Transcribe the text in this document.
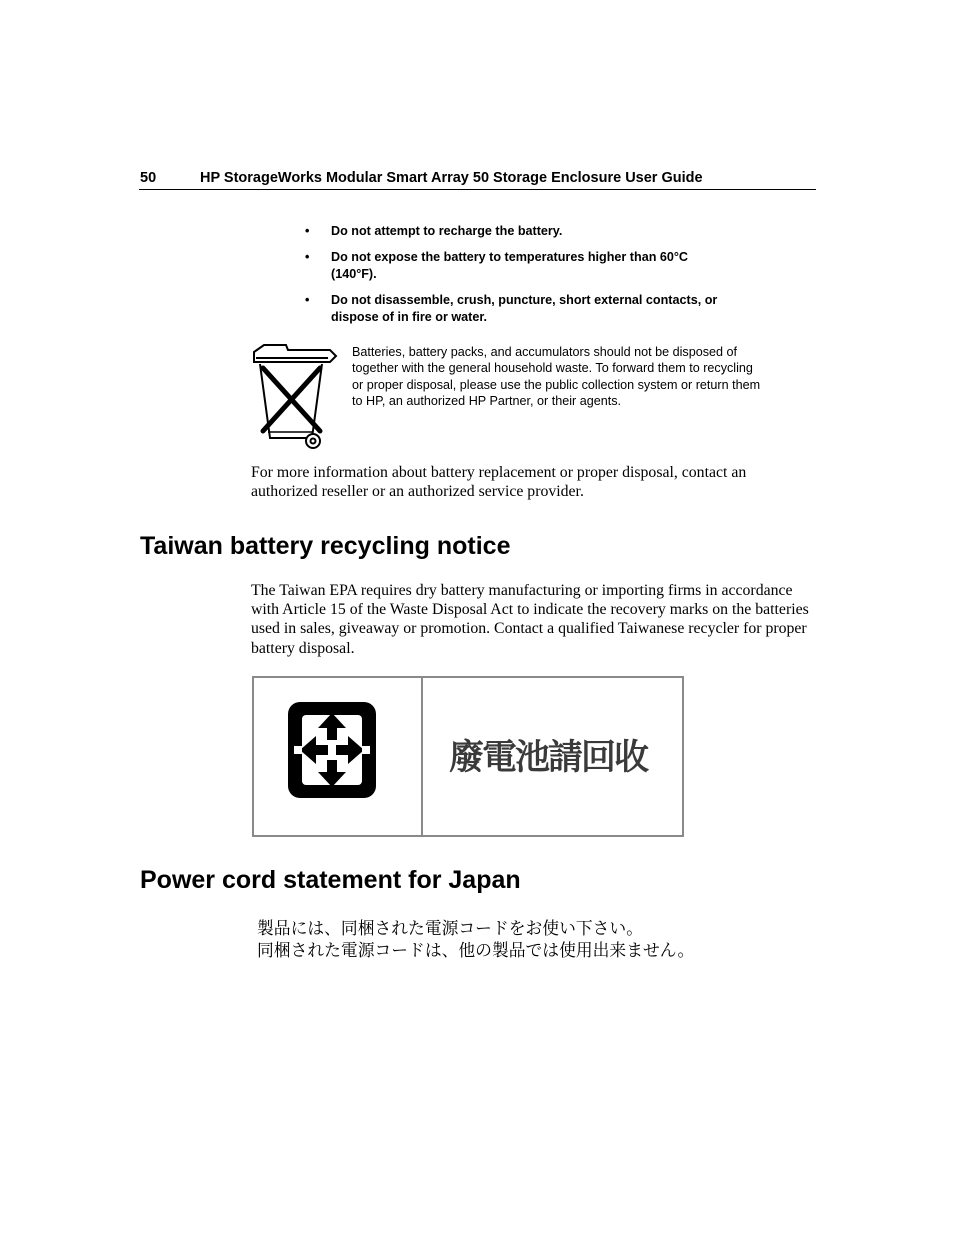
50	HP StorageWorks Modular Smart Array 50 Storage Enclosure User Guide
• Do not attempt to recharge the battery.
• Do not expose the battery to temperatures higher than 60°C (140°F).
• Do not disassemble, crush, puncture, short external contacts, or dispose of in fire or water.

Batteries, battery packs, and accumulators should not be disposed of together with the general household waste. To forward them to recycling or proper disposal, please use the public collection system or return them to HP, an authorized HP Partner, or their agents.

For more information about battery replacement or proper disposal, contact an authorized reseller or an authorized service provider.

Taiwan battery recycling notice

The Taiwan EPA requires dry battery manufacturing or importing firms in accordance with Article 15 of the Waste Disposal Act to indicate the recovery marks on the batteries used in sales, giveaway or promotion. Contact a qualified Taiwanese recycler for proper battery disposal.

廢電池請回收
Power cord statement for Japan
製品には、同梱された電源コードをお使い下さい。
同梱された電源コードは、他の製品では使用出来ません。
